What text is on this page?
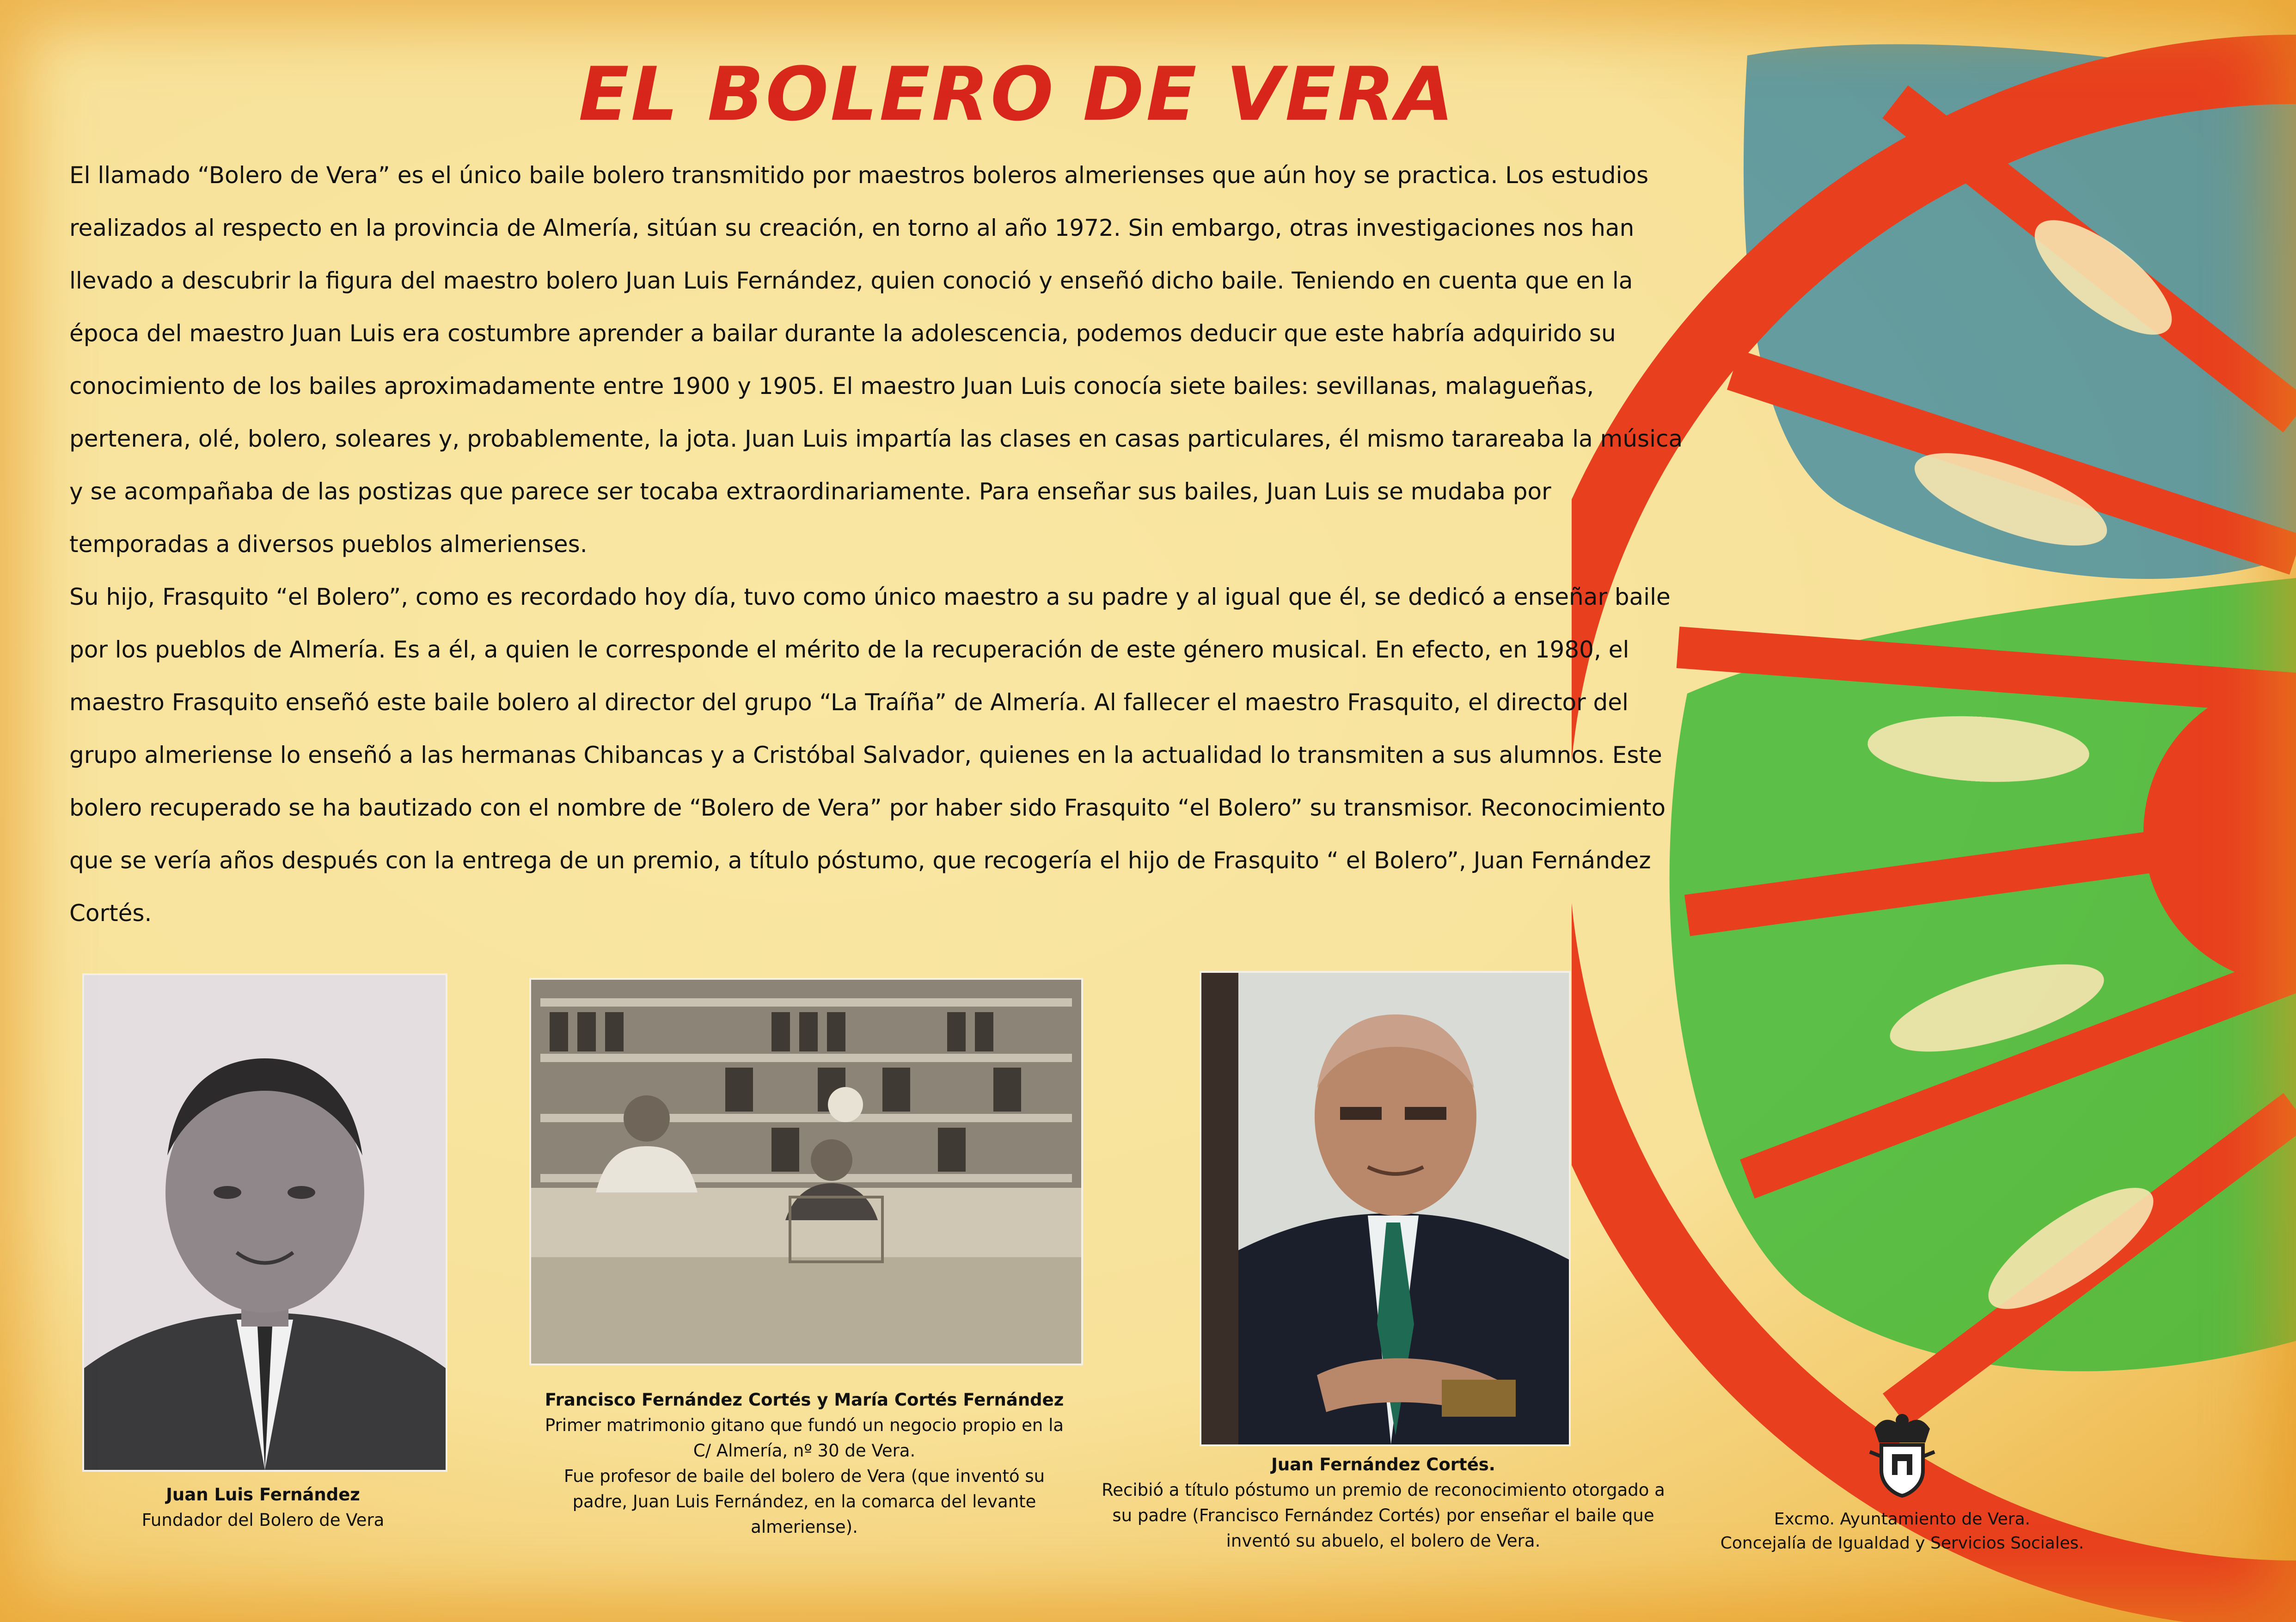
EL BOLERO DE VERA

El llamado “Bolero de Vera” es el único baile bolero transmitido por maestros boleros almerienses que aún hoy se practica. Los estudios realizados al respecto en la provincia de Almería, sitúan su creación, en torno al año 1972. Sin embargo, otras investigaciones nos han llevado a descubrir la figura del maestro bolero Juan Luis Fernández, quien conoció y enseñó dicho baile. Teniendo en cuenta que en la época del maestro Juan Luis era costumbre aprender a bailar durante la adolescencia, podemos deducir que este habría adquirido su conocimiento de los bailes aproximadamente entre 1900 y 1905. El maestro Juan Luis conocía siete bailes: sevillanas, malagueñas, pertenera, olé, bolero, soleares y, probablemente, la jota. Juan Luis impartía las clases en casas particulares, él mismo tarareaba la música y se acompañaba de las postizas que parece ser tocaba extraordinariamente. Para enseñar sus bailes, Juan Luis se mudaba por temporadas a diversos pueblos almerienses.

Su hijo, Frasquito “el Bolero”, como es recordado hoy día, tuvo como único maestro a su padre y al igual que él, se dedicó a enseñar baile por los pueblos de Almería. Es a él, a quien le corresponde el mérito de la recuperación de este género musical. En efecto, en 1980, el maestro Frasquito enseñó este baile bolero al director del grupo “La Traíña” de Almería. Al fallecer el maestro Frasquito, el director del grupo almeriense lo enseñó a las hermanas Chibancas y a Cristóbal Salvador, quienes en la actualidad lo transmiten a sus alumnos. Este bolero recuperado se ha bautizado con el nombre de “Bolero de Vera” por haber sido Frasquito “el Bolero” su transmisor. Reconocimiento que se vería años después con la entrega de un premio, a título póstumo, que recogería el hijo de Frasquito “ el Bolero”, Juan Fernández Cortés.

Juan Luis Fernández
Fundador del Bolero de Vera
Francisco Fernández Cortés y María Cortés Fernández
Primer matrimonio gitano que fundó un negocio propio en la
C/ Almería, nº 30 de Vera.
Fue profesor de baile del bolero de Vera (que inventó su
padre, Juan Luis Fernández, en la comarca del levante
almeriense).
Juan Fernández Cortés.
Recibió a título póstumo un premio de reconocimiento otorgado a
su padre (Francisco Fernández Cortés) por enseñar el baile que
inventó su abuelo, el bolero de Vera.
Excmo. Ayuntamiento de Vera.
Concejalía de Igualdad y Servicios Sociales.
